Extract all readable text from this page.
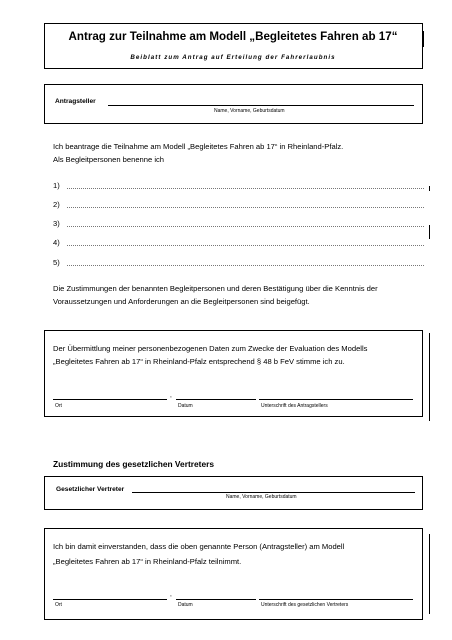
Antrag zur Teilnahme am Modell „Begleitetes Fahren ab 17“
Beiblatt zum Antrag auf Erteilung der Fahrerlaubnis
Antragsteller
Name, Vorname, Geburtsdatum
Ich beantrage die Teilnahme am Modell „Begleitetes Fahren ab 17“ in Rheinland-Pfalz.
Als Begleitpersonen benenne ich
1)
2)
3)
4)
5)
Die Zustimmungen der benannten Begleitpersonen und deren Bestätigung über die Kenntnis der
Voraussetzungen und Anforderungen an die Begleitpersonen sind beigefügt.
Der Übermittlung meiner personenbezogenen Daten zum Zwecke der Evaluation des Modells
„Begleitetes Fahren ab 17“ in Rheinland-Pfalz entsprechend § 48 b FeV stimme ich zu.
,
Ort	Datum	Unterschrift des Antragstellers
Zustimmung des gesetzlichen Vertreters
Gesetzlicher Vertreter
Name, Vorname, Geburtsdatum
Ich bin damit einverstanden, dass die oben genannte Person (Antragsteller) am Modell
„Begleitetes Fahren ab 17“ in Rheinland-Pfalz teilnimmt.
,
Ort	Datum	Unterschrift des gesetzlichen Vertreters
